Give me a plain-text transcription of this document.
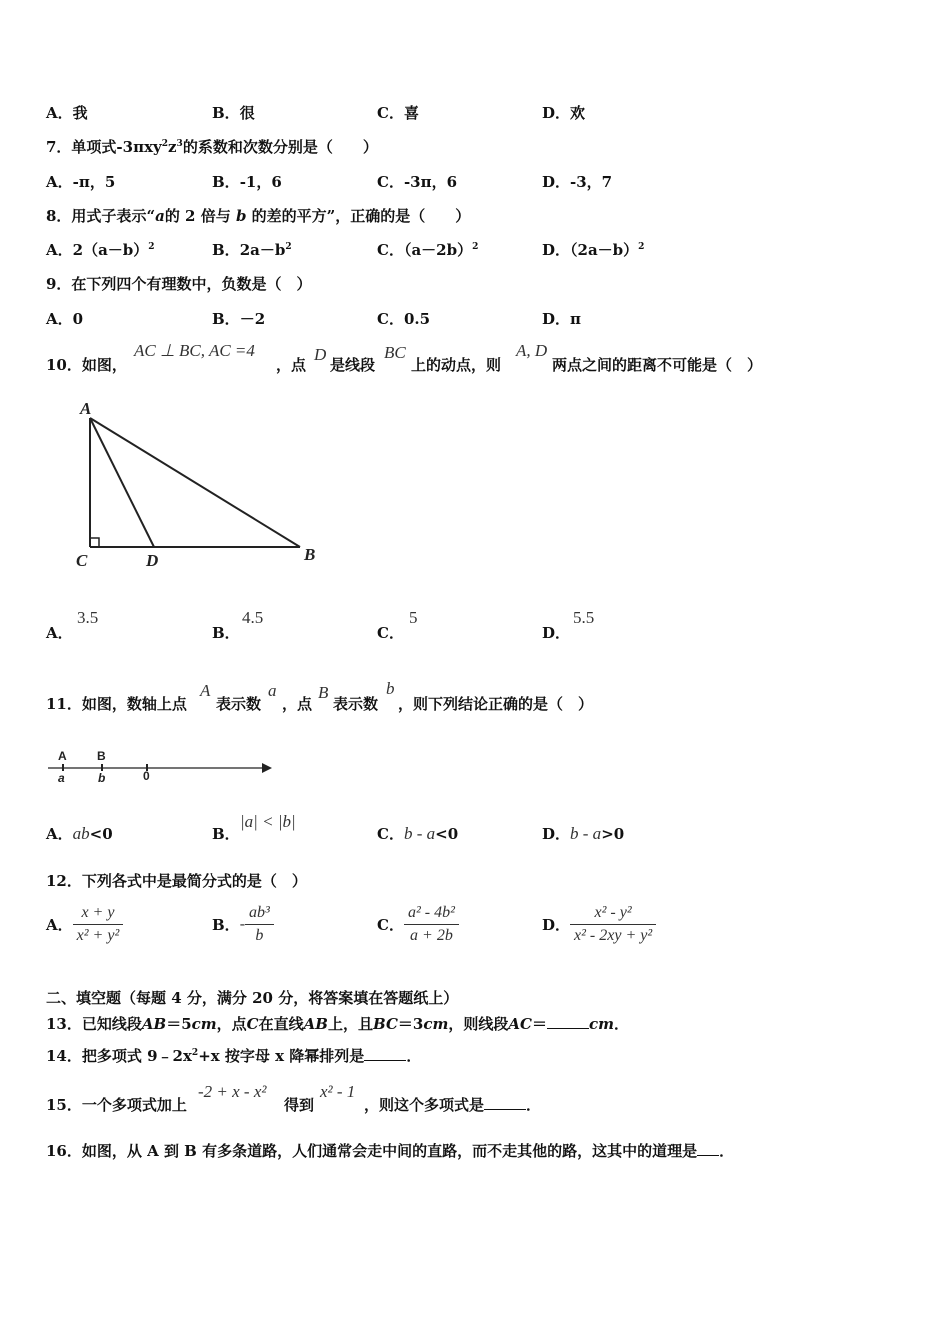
A．我	B．很	C．喜	D．欢
7．单项式$-3\pi xy^2z^3$的系数和次数分别是（　　）
A．-π，5	B．-1，6	C．-3π，6	D．-3，7
8．用式子表示“a的 2 倍与 b 的差的平方”，正确的是（　　）
A．$2(a-b)^2$	B．$2a-b^2$	C．$(a-2b)^2$	D．$(2a-b)^2$
9．在下列四个有理数中，负数是（　）
A．0	B．－2	C．0.5	D．π
10．如图，
AC ⊥ BC, AC =4
，点
D
是线段
BC
上的动点，则
A, D
两点之间的距离不可能是（　）
A
C	D	B
A．
3.5
B．
4.5
C．
5
D．
5.5
11．如图，数轴上点
A
表示数
a
，点
B
表示数
b
，则下列结论正确的是（　）
A	B
a	b	0
A．ab<0	B．
|a| < |b|
C．b - a<0	D．b - a>0
12．下列各式中是最简分式的是（　）
A． $\frac{x + y}{\text{x² + y²}}$	B．- $\frac{\text{ab³}}{b}$	C． $\frac{\text{a² - 4b²}}{a + 2b}$	D． $\frac{\text{x² - y²}}{\text{x² - 2xy + y²}}$
二、填空题（每题 4 分，满分 20 分，将答案填在答题纸上）
13．已知线段AB＝5cm，点C在直线AB上，且BC＝3cm，则线段AC＝	cm．
14．把多项式 $9﹣2x^2+x$ 按字母 x 降幂排列是	．
15．一个多项式加上
-2 + x - x²
得到
x² - 1
，则这个多项式是	．
16．如图，从 A 到 B 有多条道路，人们通常会走中间的直路，而不走其他的路，这其中的道理是 ．
